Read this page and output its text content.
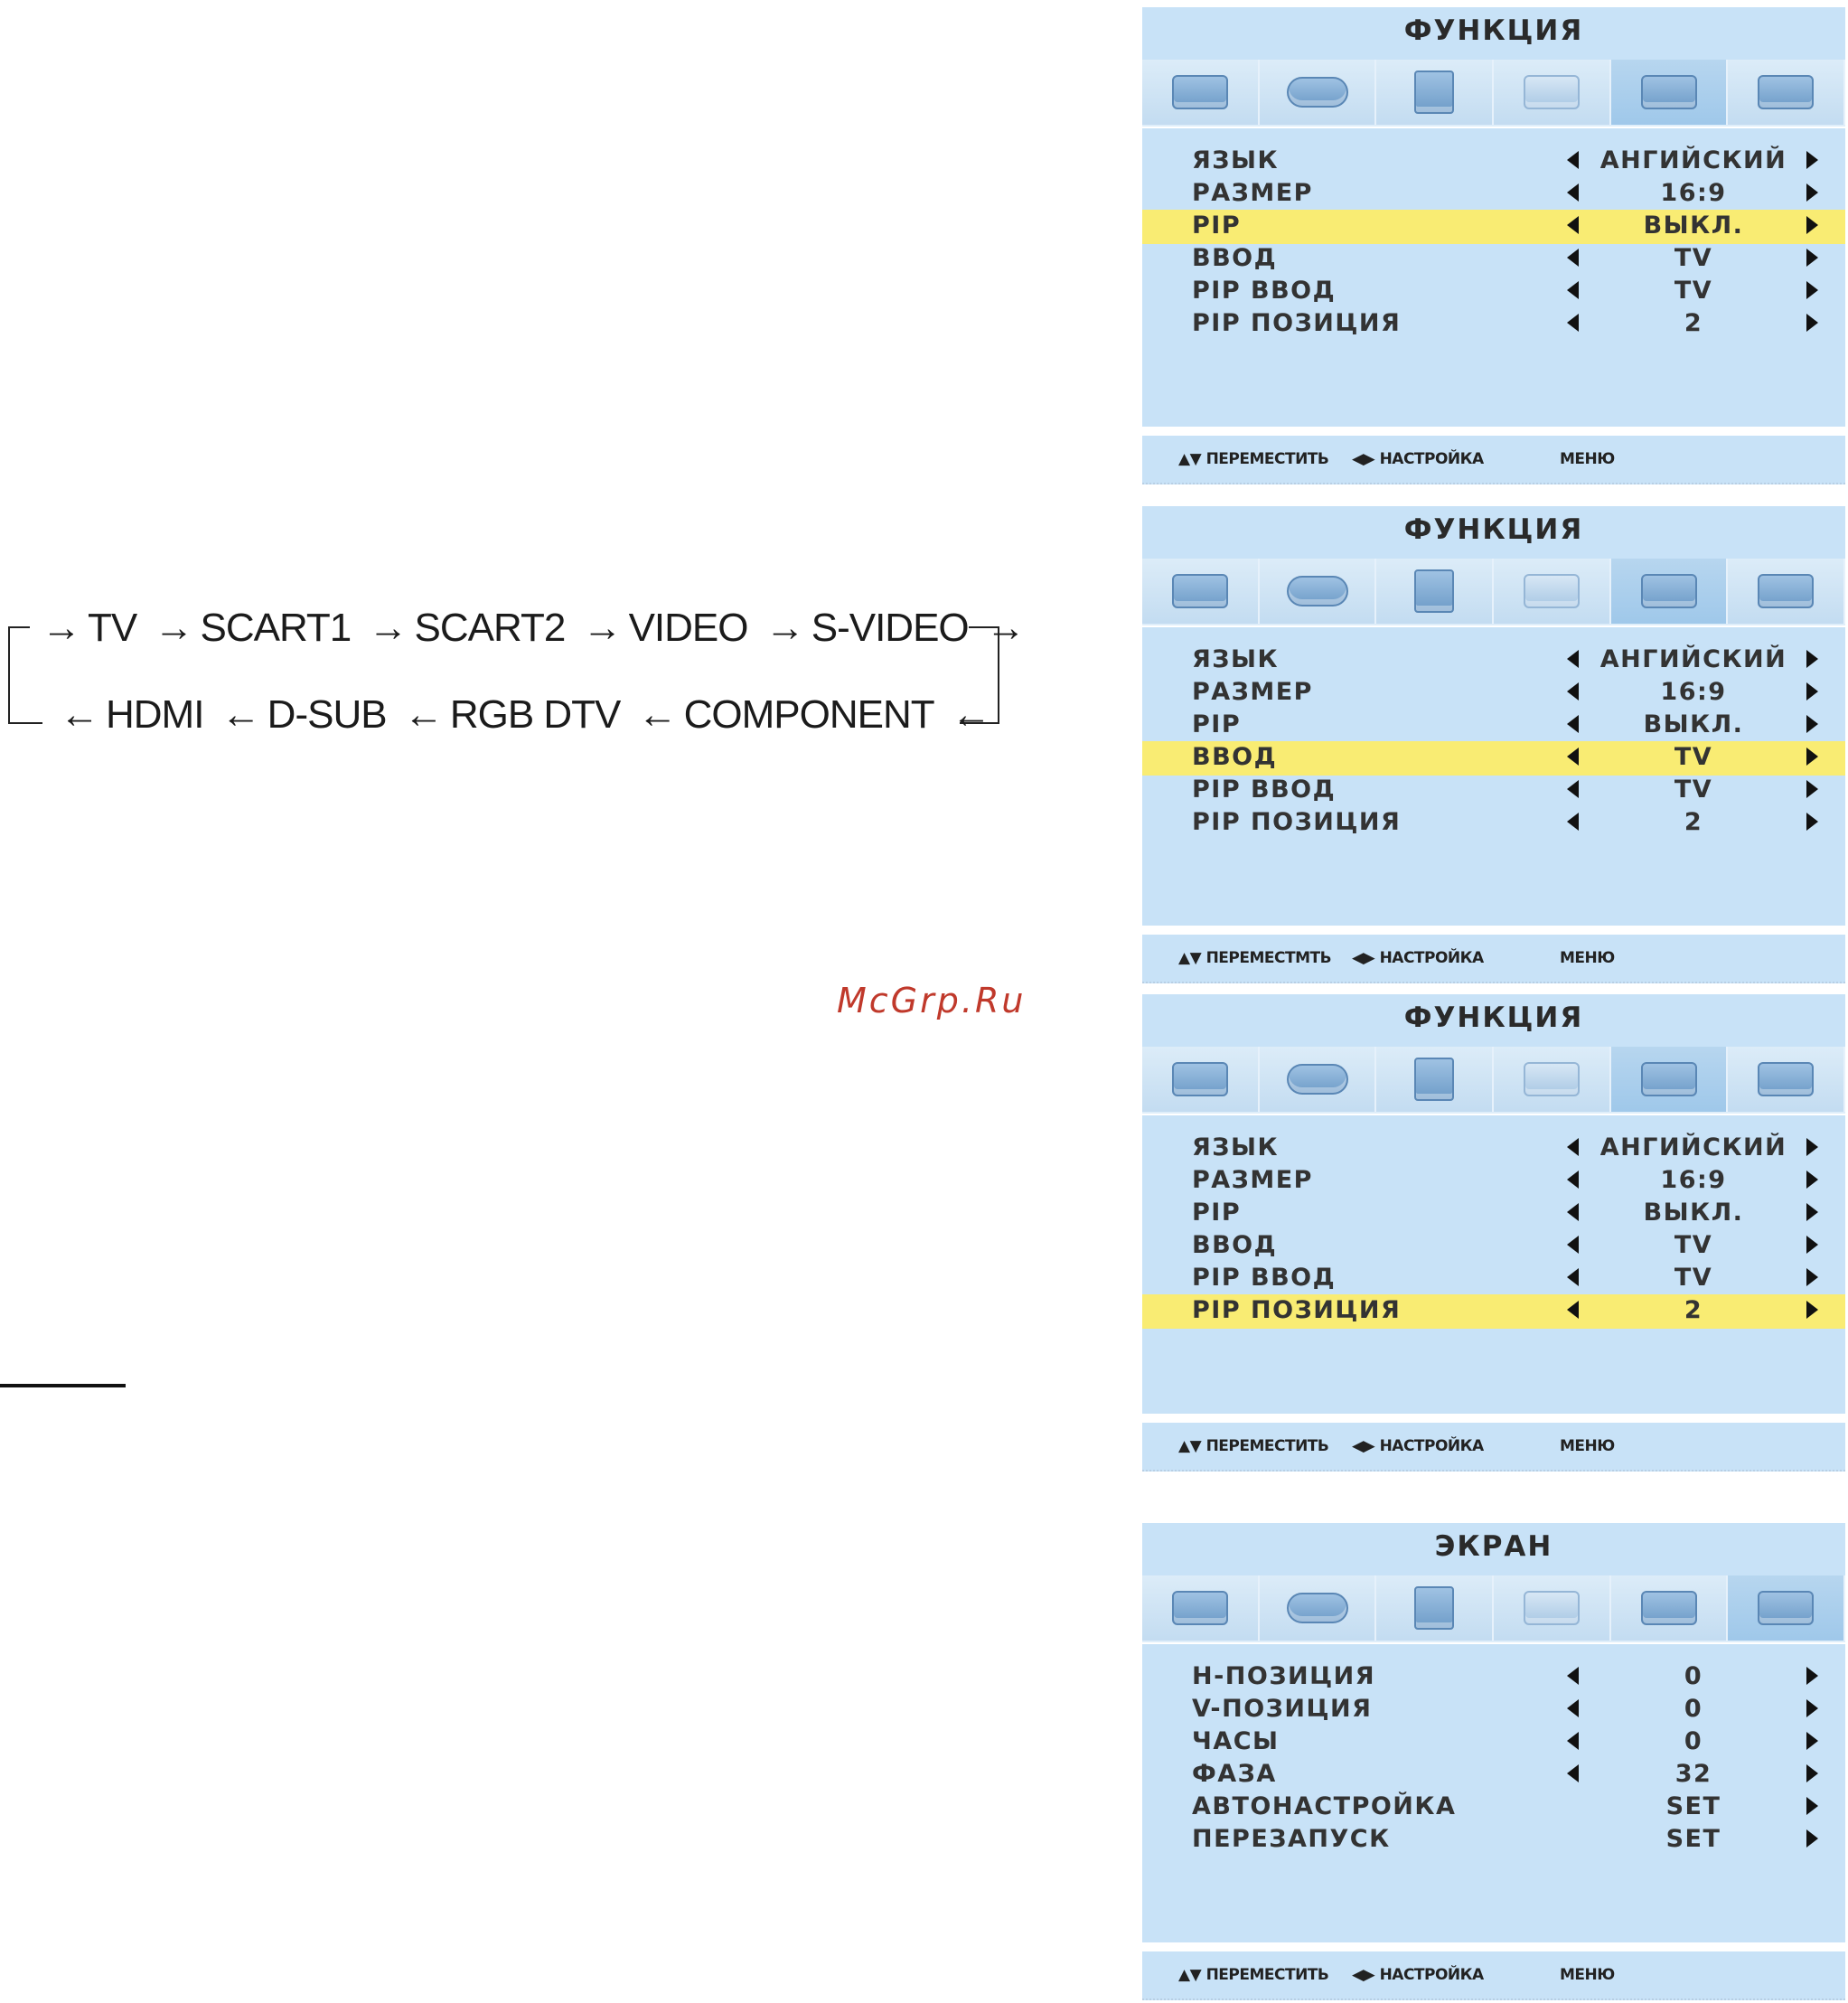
→ TV → SCART1 → SCART2 → VIDEO → S-VIDEO →
← HDMI ← D-SUB ← RGB DTV ← COMPONENT ←
McGrp.Ru
ФУНКЦИЯ
ЯЗЫК	АНГИЙСКИЙ
РАЗМЕР	16:9
PIP	ВЫКЛ.
ВВОД	TV
PIP ВВОД	TV
PIP ПОЗИЦИЯ	2
▲▼ ПЕРЕМЕСТИТЬ ◀▶ НАСТРОЙКА	МЕНЮ
ФУНКЦИЯ
ЯЗЫК	АНГИЙСКИЙ
РАЗМЕР	16:9
PIP	ВЫКЛ.
ВВОД	TV
PIP ВВОД	TV
PIP ПОЗИЦИЯ	2
▲▼ ПЕРЕМЕСТМТЬ ◀▶ НАСТРОЙКА	МЕНЮ
ФУНКЦИЯ
ЯЗЫК	АНГИЙСКИЙ
РАЗМЕР	16:9
PIP	ВЫКЛ.
ВВОД	TV
PIP ВВОД	TV
PIP ПОЗИЦИЯ	2
▲▼ ПЕРЕМЕСТИТЬ ◀▶ НАСТРОЙКА	МЕНЮ
ЭКРАН
Н-ПОЗИЦИЯ	0
V-ПОЗИЦИЯ	0
ЧАСЫ	0
ФАЗА	32
АВТОНАСТРОЙКА	SET
ПЕРЕЗАПУСК	SET
▲▼ ПЕРЕМЕСТИТЬ ◀▶ НАСТРОЙКА	МЕНЮ
